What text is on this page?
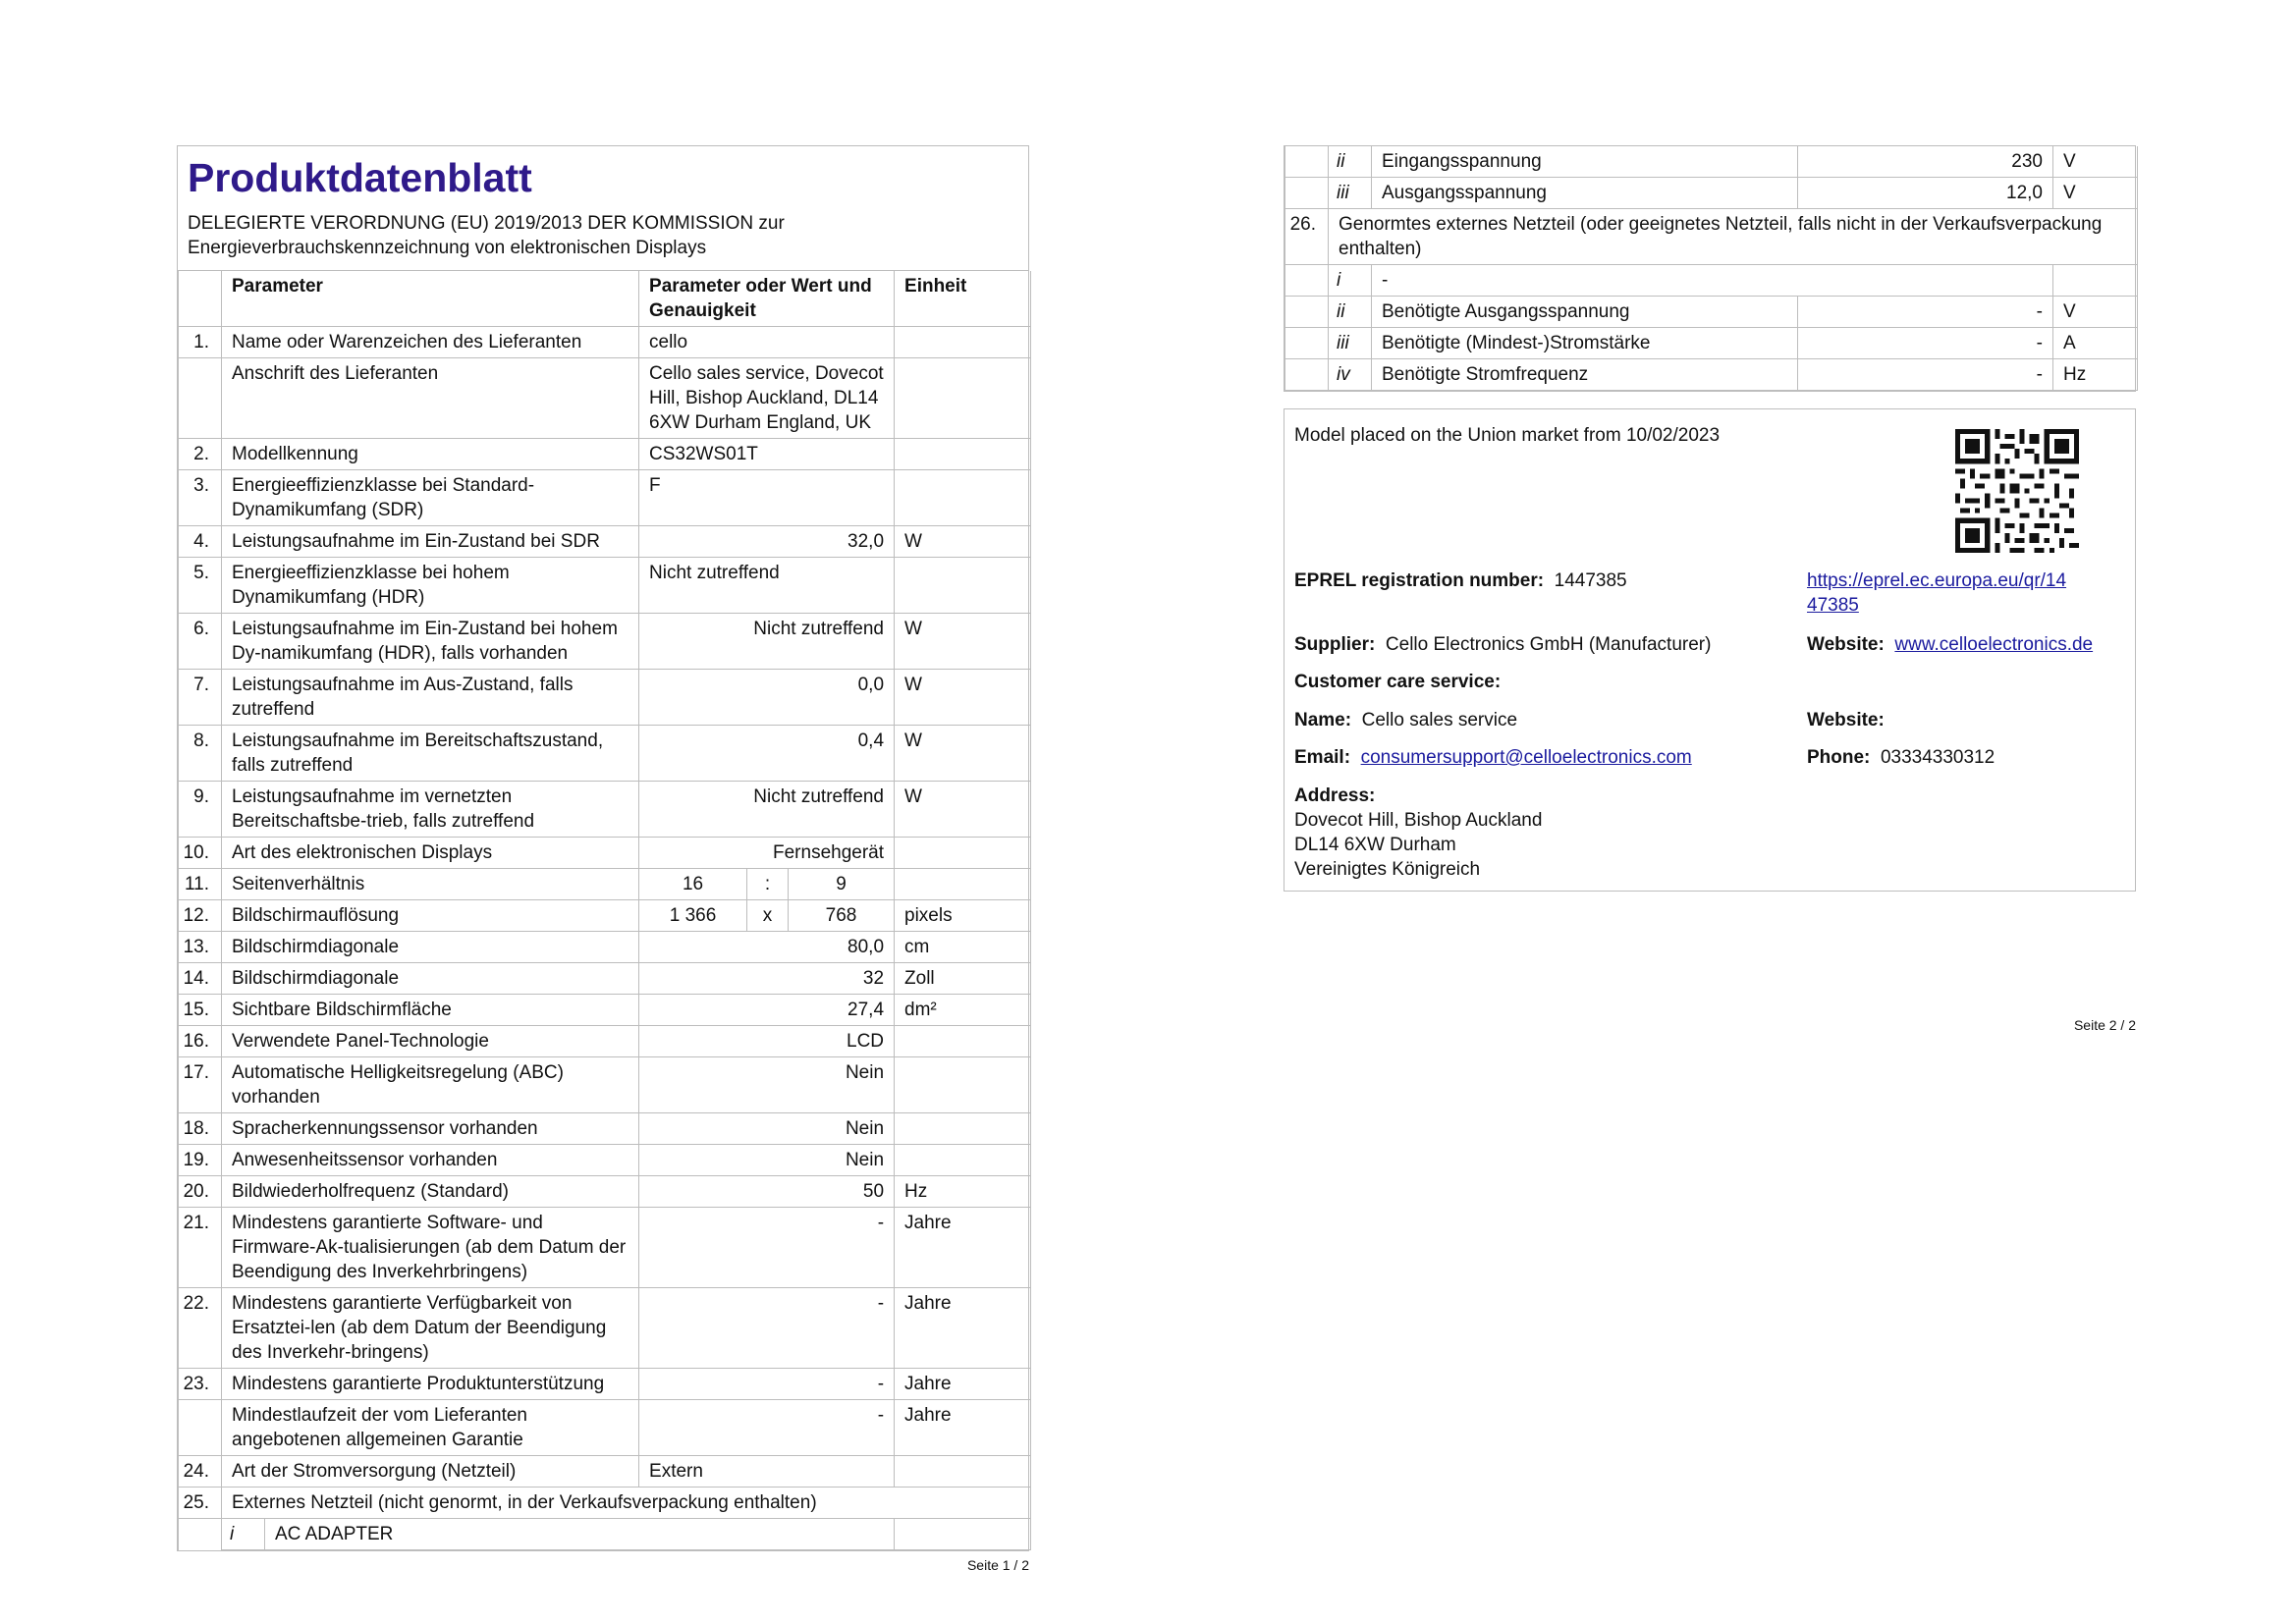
Produktdatenblatt
DELEGIERTE VERORDNUNG (EU) 2019/2013 DER KOMMISSION zur
Energieverbrauchskennzeichnung von elektronischen Displays
	Parameter		Parameter oder Wert und Genauigkeit			Einheit
1.	Name oder Warenzeichen des Lieferanten		cello			
	Anschrift des Lieferanten		Cello sales service, Dovecot Hill, Bishop Auckland, DL14 6XW Durham England, UK			
2.	Modellkennung		CS32WS01T			
3.	Energieeffizienzklasse bei Standard-Dynamikumfang (SDR)		F			
4.	Leistungsaufnahme im Ein-Zustand bei SDR		32,0			W
5.	Energieeffizienzklasse bei hohem Dynamikumfang (HDR)		Nicht zutreffend			
6.	Leistungsaufnahme im Ein-Zustand bei hohem Dy-namikumfang (HDR), falls vorhanden		Nicht zutreffend			W
7.	Leistungsaufnahme im Aus-Zustand, falls zutreffend		0,0			W
8.	Leistungsaufnahme im Bereitschaftszustand, falls zutreffend		0,4			W
9.	Leistungsaufnahme im vernetzten Bereitschaftsbe-trieb, falls zutreffend		Nicht zutreffend			W
10.	Art des elektronischen Displays		Fernsehgerät			
11.	Seitenverhältnis		16	:	9	
12.	Bildschirmauflösung		1 366	x	768	pixels
13.	Bildschirmdiagonale		80,0			cm
14.	Bildschirmdiagonale		32			Zoll
15.	Sichtbare Bildschirmfläche		27,4			dm²
16.	Verwendete Panel-Technologie		LCD			
17.	Automatische Helligkeitsregelung (ABC) vorhanden		Nein			
18.	Spracherkennungssensor vorhanden		Nein			
19.	Anwesenheitssensor vorhanden		Nein			
20.	Bildwiederholfrequenz (Standard)		50			Hz
21.	Mindestens garantierte Software- und Firmware-Ak-tualisierungen (ab dem Datum der Beendigung des Inverkehrbringens)		-			Jahre
22.	Mindestens garantierte Verfügbarkeit von Ersatztei-len (ab dem Datum der Beendigung des Inverkehr-bringens)		-			Jahre
23.	Mindestens garantierte Produktunterstützung		-			Jahre
	Mindestlaufzeit der vom Lieferanten angebotenen allgemeinen Garantie		-			Jahre
24.	Art der Stromversorgung (Netzteil)		Extern			
25.	Externes Netzteil (nicht genormt, in der Verkaufsverpackung enthalten)					
	i	AC ADAPTER				
Seite 1 / 2
	ii	Eingangsspannung	230	V
	iii	Ausgangsspannung	12,0	V
26.	Genormtes externes Netzteil (oder geeignetes Netzteil, falls nicht in der Verkaufsverpackung enthalten)			
	i	-		
	ii	Benötigte Ausgangsspannung	-	V
	iii	Benötigte (Mindest-)Stromstärke	-	A
	iv	Benötigte Stromfrequenz	-	Hz
Model placed on the Union market from 10/02/2023
EPREL registration number: 1447385	https://eprel.ec.europa.eu/qr/14
47385
Supplier: Cello Electronics GmbH (Manufacturer)	Website: www.celloelectronics.de
Customer care service:
Name: Cello sales service	Website:
Email: consumersupport@celloelectronics.com	Phone: 03334330312
Address:
Dovecot Hill, Bishop Auckland
DL14 6XW Durham
Vereinigtes Königreich
Seite 2 / 2
